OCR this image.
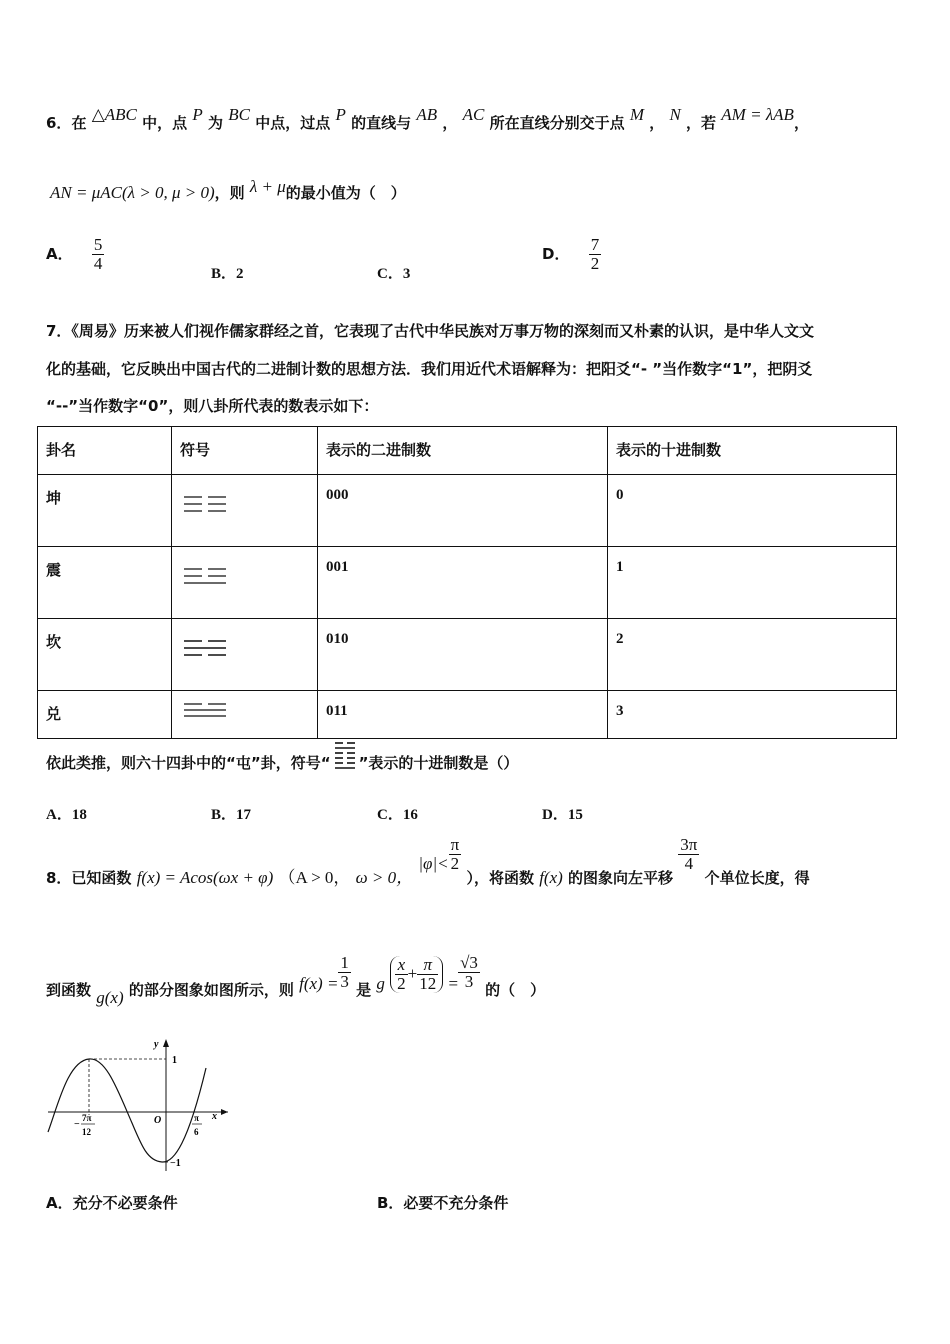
6．在 △ABC 中，点 P 为 BC 中点，过点 P 的直线与 AB ， AC 所在直线分别交于点 M ， N ，若 AM = λAB，
AN = μAC(λ > 0, μ > 0)，则 λ + μ的最小值为（　）
A． $\frac{5}{4}$
B．2	C．3
D． $\frac{7}{2}$
7．《周易》历来被人们视作儒家群经之首，它表现了古代中华民族对万事万物的深刻而又朴素的认识，是中华人文文
化的基础，它反映出中国古代的二进制计数的思想方法．我们用近代术语解释为：把阳爻“- ”当作数字“1”，把阴爻
“--”当作数字“0”，则八卦所代表的数表示如下：
卦名	符号	表示的二进制数	表示的十进制数
坤		000	0
震		001	1
坎		010	2
兑		011	3
依此类推，则六十四卦中的“屯”卦，符号“ ”表示的十进制数是（）
A．18	B．17	C．16	D．15
8．已知函数 f(x) = Acos(ωx + φ) （A > 0， ω > 0， $|\varphi|< \frac{\pi}{2}$
），将函数 f(x) 的图象向左平移
$\frac{3\pi}{4}$
个单位长度，得
到函数 g(x) 的部分图象如图所示，则 $f(x) = \frac{1}{3}$ 是 g $\frac{x}{2} + \frac{\pi}{12} = \frac{√3}{3}$ 的（　）
y
x
O
1
−1
−
7π
12
π
6
A．充分不必要条件	B．必要不充分条件
